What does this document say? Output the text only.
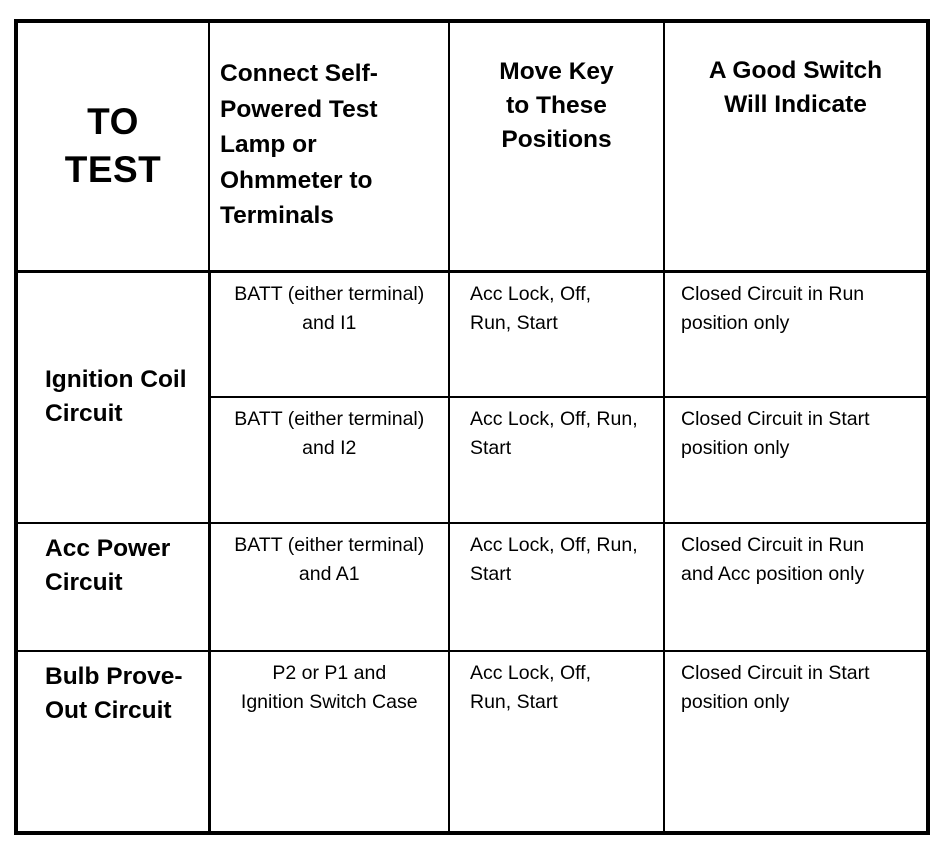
TO
TEST	Connect Self-
Powered Test
Lamp or
Ohmmeter to
Terminals	Move Key
to These
Positions	A Good Switch
Will Indicate

Ignition Coil
Circuit	BATT (either terminal)
and I1	Acc Lock, Off,
Run, Start	Closed Circuit in Run
position only

	BATT (either terminal)
and I2	Acc Lock, Off, Run,
Start	Closed Circuit in Start
position only

Acc Power
Circuit	BATT (either terminal)
and A1	Acc Lock, Off, Run,
Start	Closed Circuit in Run
and Acc position only

Bulb Prove-
Out Circuit	P2 or P1 and
Ignition Switch Case	Acc Lock, Off,
Run, Start	Closed Circuit in Start
position only
